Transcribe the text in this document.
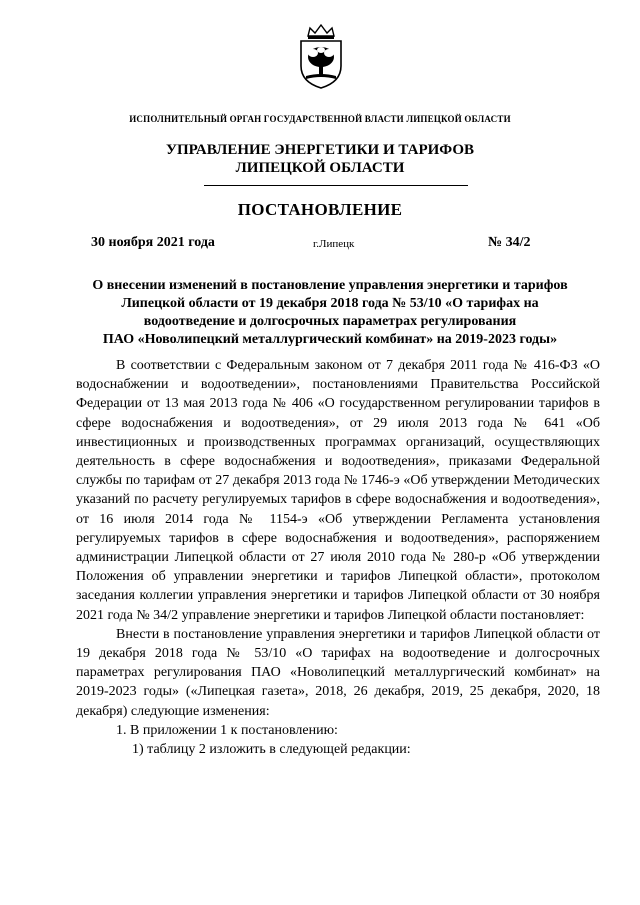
ИСПОЛНИТЕЛЬНЫЙ ОРГАН ГОСУДАРСТВЕННОЙ ВЛАСТИ ЛИПЕЦКОЙ ОБЛАСТИ
УПРАВЛЕНИЕ ЭНЕРГЕТИКИ И ТАРИФОВ
ЛИПЕЦКОЙ ОБЛАСТИ
ПОСТАНОВЛЕНИЕ
30 ноября 2021 года	г.Липецк	№ 34/2
О внесении изменений в постановление управления энергетики и тарифов
Липецкой области от 19 декабря 2018 года № 53/10 «О тарифах на
водоотведение и долгосрочных параметрах регулирования
ПАО «Новолипецкий металлургический комбинат» на 2019-2023 годы»

В соответствии с Федеральным законом от 7 декабря 2011 года № 416-ФЗ «О водоснабжении и водоотведении», постановлениями Правительства Российской Федерации от 13 мая 2013 года № 406 «О государственном регулировании тарифов в сфере водоснабжения и водоотведения», от 29 июля 2013 года № 641 «Об инвестиционных и производственных программах организаций, осуществляющих деятельность в сфере водоснабжения и водоотведения», приказами Федеральной службы по тарифам от 27 декабря 2013 года № 1746-э «Об утверждении Методических указаний по расчету регулируемых тарифов в сфере водоснабжения и водоотведения», от 16 июля 2014 года № 1154-э «Об утверждении Регламента установления регулируемых тарифов в сфере водоснабжения и водоотведения», распоряжением администрации Липецкой области от 27 июля 2010 года № 280-р «Об утверждении Положения об управлении энергетики и тарифов Липецкой области», протоколом заседания коллегии управления энергетики и тарифов Липецкой области от 30 ноября 2021 года № 34/2 управление энергетики и тарифов Липецкой области постановляет:

Внести в постановление управления энергетики и тарифов Липецкой области от 19 декабря 2018 года № 53/10 «О тарифах на водоотведение и долгосрочных параметрах регулирования ПАО «Новолипецкий металлургический комбинат» на 2019-2023 годы» («Липецкая газета», 2018, 26 декабря, 2019, 25 декабря, 2020, 18 декабря) следующие изменения:

1. В приложении 1 к постановлению:

1) таблицу 2 изложить в следующей редакции:
